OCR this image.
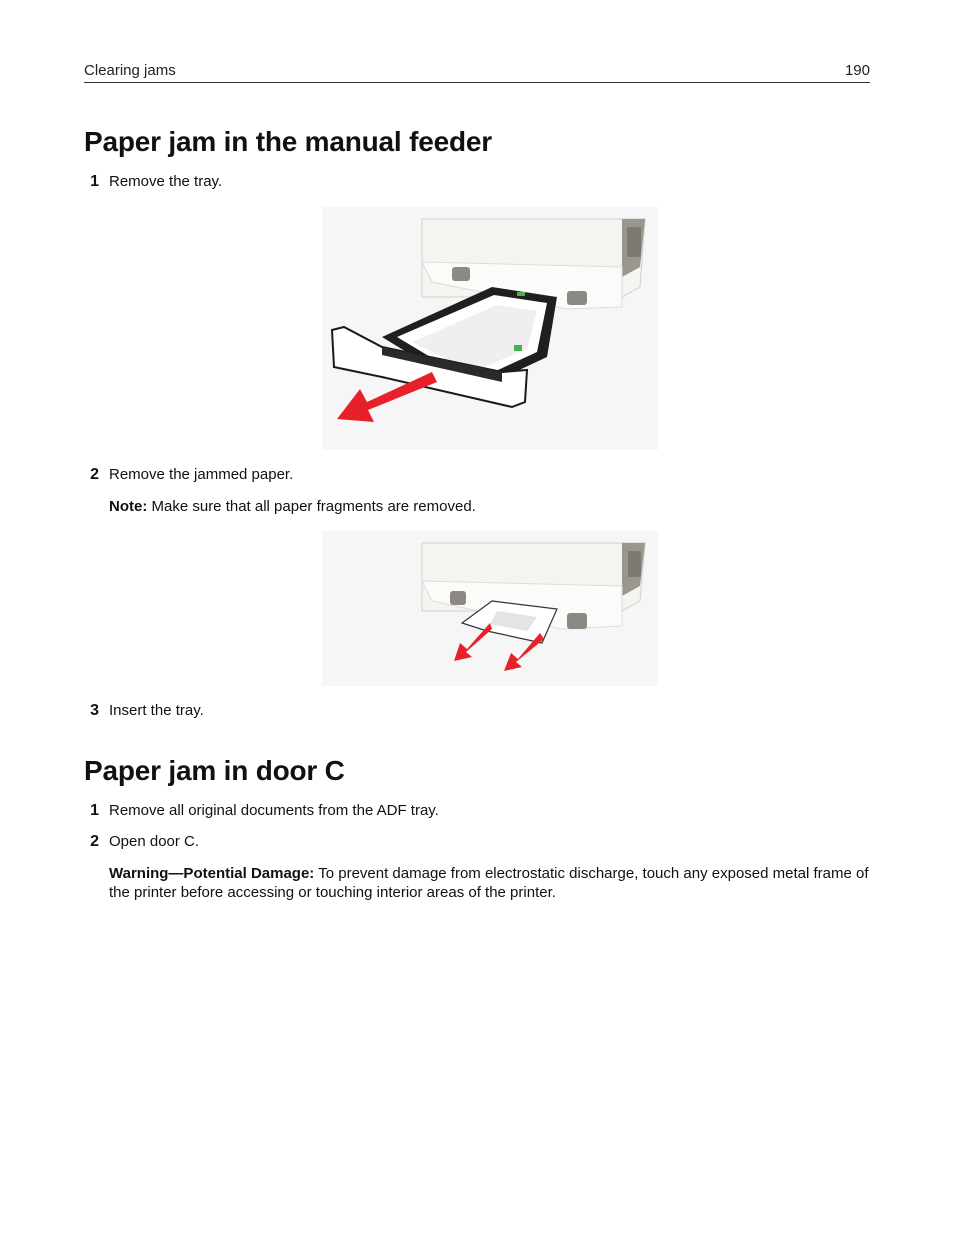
Clearing jams	190
Paper jam in the manual feeder
1 Remove the tray.
2 Remove the jammed paper.
Note: Make sure that all paper fragments are removed.
3 Insert the tray.
Paper jam in door C
1 Remove all original documents from the ADF tray.
2 Open door C.
Warning—Potential Damage: To prevent damage from electrostatic discharge, touch any exposed metal frame of the printer before accessing or touching interior areas of the printer.
